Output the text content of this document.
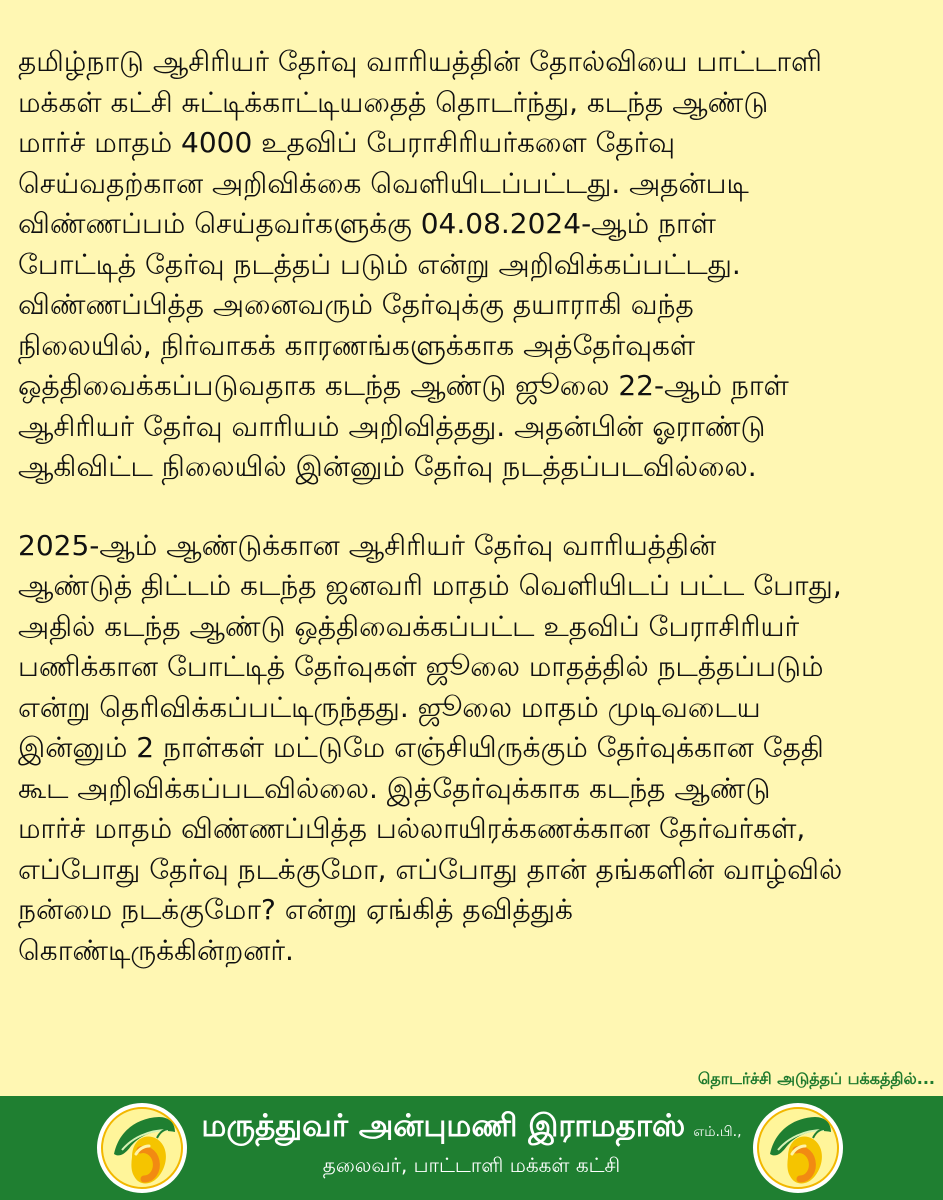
தமிழ்நாடு ஆசிரியர் தேர்வு வாரியத்தின் தோல்வியை பாட்டாளி
மக்கள் கட்சி சுட்டிக்காட்டியதைத் தொடர்ந்து, கடந்த ஆண்டு
மார்ச் மாதம் 4000 உதவிப் பேராசிரியர்களை தேர்வு
செய்வதற்கான அறிவிக்கை வெளியிடப்பட்டது. அதன்படி
விண்ணப்பம் செய்தவர்களுக்கு 04.08.2024-ஆம் நாள்
போட்டித் தேர்வு நடத்தப் படும் என்று அறிவிக்கப்பட்டது.
விண்ணப்பித்த அனைவரும் தேர்வுக்கு தயாராகி வந்த
நிலையில், நிர்வாகக் காரணங்களுக்காக அத்தேர்வுகள்
ஒத்திவைக்கப்படுவதாக கடந்த ஆண்டு ஜூலை 22-ஆம் நாள்
ஆசிரியர் தேர்வு வாரியம் அறிவித்தது. அதன்பின் ஓராண்டு
ஆகிவிட்ட நிலையில் இன்னும் தேர்வு நடத்தப்படவில்லை.

2025-ஆம் ஆண்டுக்கான ஆசிரியர் தேர்வு வாரியத்தின்
ஆண்டுத் திட்டம் கடந்த ஜனவரி மாதம் வெளியிடப் பட்ட போது,
அதில் கடந்த ஆண்டு ஒத்திவைக்கப்பட்ட உதவிப் பேராசிரியர்
பணிக்கான போட்டித் தேர்வுகள் ஜூலை மாதத்தில் நடத்தப்படும்
என்று தெரிவிக்கப்பட்டிருந்தது. ஜூலை மாதம் முடிவடைய
இன்னும் 2 நாள்கள் மட்டுமே எஞ்சியிருக்கும் தேர்வுக்கான தேதி
கூட அறிவிக்கப்படவில்லை. இத்தேர்வுக்காக கடந்த ஆண்டு
மார்ச் மாதம் விண்ணப்பித்த பல்லாயிரக்கணக்கான தேர்வர்கள்,
எப்போது தேர்வு நடக்குமோ, எப்போது தான் தங்களின் வாழ்வில்
நன்மை நடக்குமோ? என்று ஏங்கித் தவித்துக்
கொண்டிருக்கின்றனர்.

தொடர்ச்சி அடுத்தப் பக்கத்தில்...
மருத்துவர் அன்புமணி இராமதாஸ் எம்.பி.,
தலைவர், பாட்டாளி மக்கள் கட்சி
